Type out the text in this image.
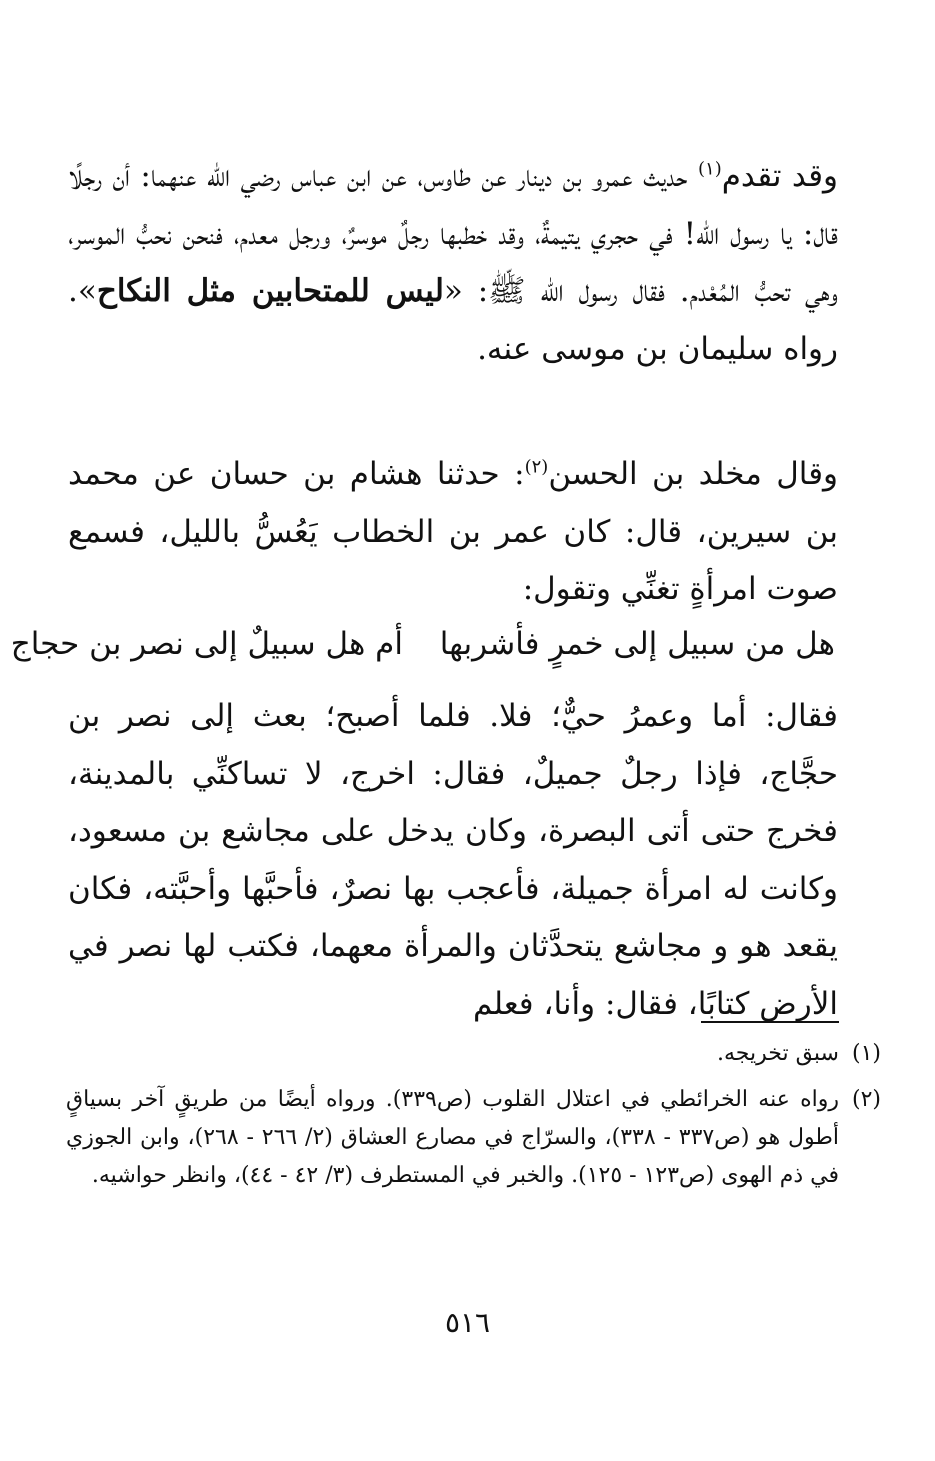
وقد تقدم$^{(١)}$ حديث عمرو بن دينار عن طاوس، عن ابن عباس رضي الله عنهما: أن رجلًا قال: يا رسول الله! في حجري يتيمةٌ، وقد خطبها رجلٌ موسرٌ، ورجل معدم، فنحن نحبُّ الموسر، وهي تحبُّ المُعْدم. فقال رسول الله ﷺ: «ليس للمتحابين مثل النكاح». رواه سليمان بن موسى عنه.
وقال مخلد بن الحسن$^{(٢)}$: حدثنا هشام بن حسان عن محمد بن سيرين، قال: كان عمر بن الخطاب يَعُسُّ بالليل، فسمع صوت امرأةٍ تغنِّي وتقول:
هل من سبيل إلى خمرٍ فأشربها
أم هل سبيلٌ إلى نصر بن حجاج
فقال: أما وعمرُ حيٌّ؛ فلا. فلما أصبح؛ بعث إلى نصر بن حجَّاج، فإذا رجلٌ جميلٌ، فقال: اخرج، لا تساكنِّي بالمدينة، فخرج حتى أتى البصرة، وكان يدخل على مجاشع بن مسعود، وكانت له امرأة جميلة، فأعجب بها نصرٌ، فأحبَّها وأحبَّته، فكان يقعد هو و مجاشع يتحدَّثان والمرأة معهما، فكتب لها نصر في الأرض كتابًا، فقال: وأنا، فعلم
(١)
سبق تخريجه.
(٢)
رواه عنه الخرائطي في اعتلال القلوب (ص٣٣٩). ورواه أيضًا من طريقٍ آخر بسياقٍ أطول هو (ص٣٣٧ - ٣٣٨)، والسرّاج في مصارع العشاق (٢/ ٢٦٦ - ٢٦٨)، وابن الجوزي في ذم الهوى (ص١٢٣ - ١٢٥). والخبر في المستطرف (٣/ ٤٢ - ٤٤)، وانظر حواشيه.
٥١٦
